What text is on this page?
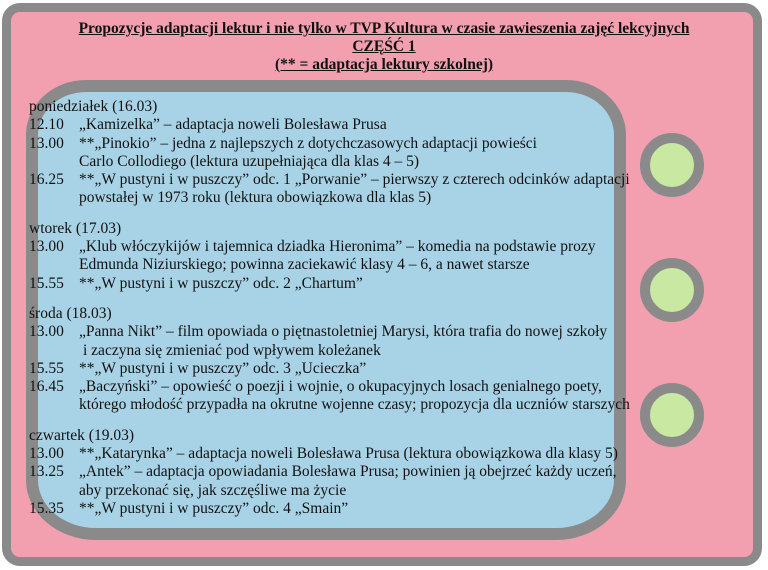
Propozycje adaptacji lektur i nie tylko w TVP Kultura w czasie zawieszenia zajęć lekcyjnych
CZĘŚĆ 1
(** = adaptacja lektury szkolnej)
poniedziałek (16.03)
12.10 „Kamizelka” – adaptacja noweli Bolesława Prusa
13.00 **„Pinokio” – jedna z najlepszych z dotychczasowych adaptacji powieści
Carlo Collodiego (lektura uzupełniająca dla klas 4 – 5)
16.25 **„W pustyni i w puszczy” odc. 1 „Porwanie” – pierwszy z czterech odcinków adaptacji
powstałej w 1973 roku (lektura obowiązkowa dla klas 5)
wtorek (17.03)
13.00 „Klub włóczykijów i tajemnica dziadka Hieronima” – komedia na podstawie prozy
Edmunda Niziurskiego; powinna zaciekawić klasy 4 – 6, a nawet starsze
15.55 **„W pustyni i w puszczy” odc. 2 „Chartum”
środa (18.03)
13.00 „Panna Nikt” – film opowiada o piętnastoletniej Marysi, która trafia do nowej szkoły
i zaczyna się zmieniać pod wpływem koleżanek
15.55 **„W pustyni i w puszczy” odc. 3 „Ucieczka”
16.45 „Baczyński” – opowieść o poezji i wojnie, o okupacyjnych losach genialnego poety,
którego młodość przypadła na okrutne wojenne czasy; propozycja dla uczniów starszych
czwartek (19.03)
13.00 **„Katarynka” – adaptacja noweli Bolesława Prusa (lektura obowiązkowa dla klasy 5)
13.25 „Antek” – adaptacja opowiadania Bolesława Prusa; powinien ją obejrzeć każdy uczeń,
aby przekonać się, jak szczęśliwe ma życie
15.35 **„W pustyni i w puszczy” odc. 4 „Smain”
